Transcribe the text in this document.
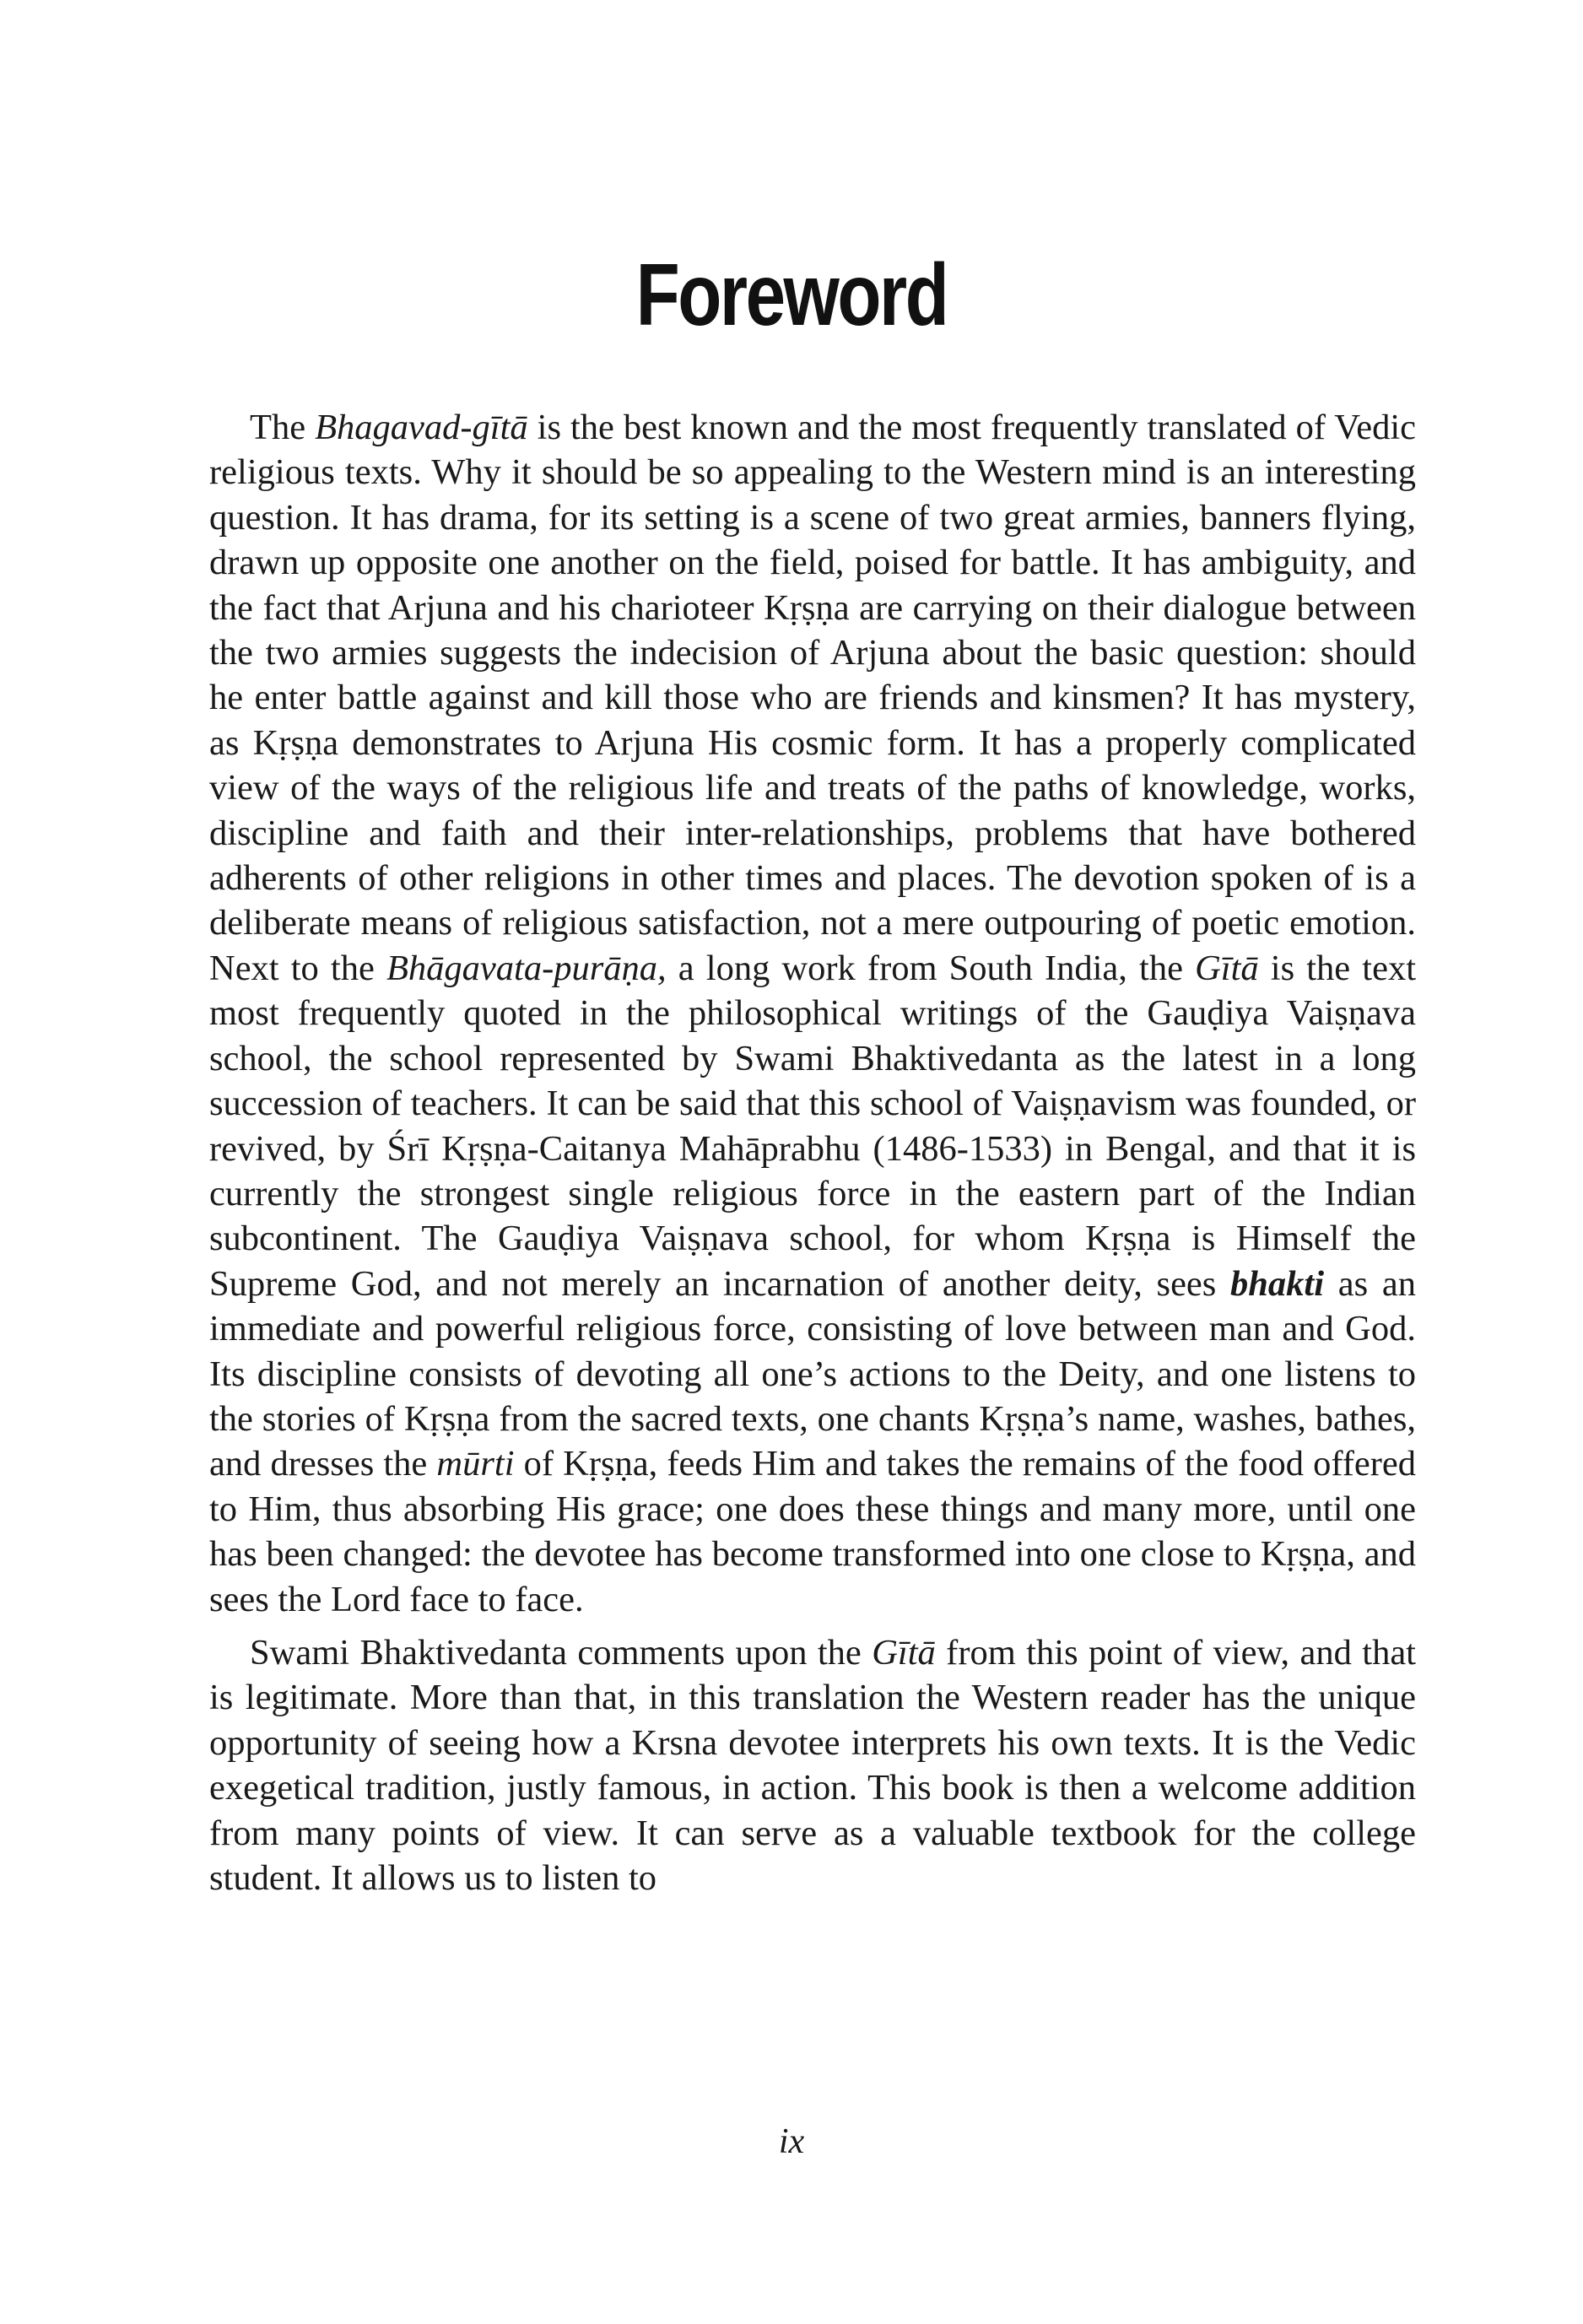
Foreword

The Bhagavad-gītā is the best known and the most frequently translated of Vedic religious texts. Why it should be so appealing to the Western mind is an interesting question. It has drama, for its setting is a scene of two great armies, banners flying, drawn up opposite one another on the field, poised for battle. It has ambiguity, and the fact that Arjuna and his charioteer Kṛṣṇa are carrying on their dialogue between the two armies suggests the indecision of Arjuna about the basic question: should he enter battle against and kill those who are friends and kinsmen? It has mystery, as Kṛṣṇa demonstrates to Arjuna His cosmic form. It has a properly complicated view of the ways of the religious life and treats of the paths of knowledge, works, discipline and faith and their inter-relationships, problems that have bothered adherents of other religions in other times and places. The devotion spoken of is a deliberate means of religious satisfaction, not a mere outpouring of poetic emotion. Next to the Bhāgavata-purāṇa, a long work from South India, the Gītā is the text most frequently quoted in the philosophical writings of the Gauḍiya Vaiṣṇava school, the school represented by Swami Bhaktivedanta as the latest in a long succession of teachers. It can be said that this school of Vaiṣṇavism was founded, or revived, by Śrī Kṛṣṇa-Caitanya Mahāprabhu (1486-1533) in Bengal, and that it is currently the strongest single religious force in the eastern part of the Indian subcontinent. The Gauḍiya Vaiṣṇava school, for whom Kṛṣṇa is Himself the Supreme God, and not merely an incarnation of another deity, sees bhakti as an immediate and powerful religious force, consisting of love between man and God. Its discipline consists of devoting all one’s actions to the Deity, and one listens to the stories of Kṛṣṇa from the sacred texts, one chants Kṛṣṇa’s name, washes, bathes, and dresses the mūrti of Kṛṣṇa, feeds Him and takes the remains of the food offered to Him, thus absorbing His grace; one does these things and many more, until one has been changed: the devotee has become transformed into one close to Kṛṣṇa, and sees the Lord face to face.

Swami Bhaktivedanta comments upon the Gītā from this point of view, and that is legitimate. More than that, in this translation the Western reader has the unique opportunity of seeing how a Krsna devotee interprets his own texts. It is the Vedic exegetical tradition, justly famous, in action. This book is then a welcome addition from many points of view. It can serve as a valuable textbook for the college student. It allows us to listen to

ix
